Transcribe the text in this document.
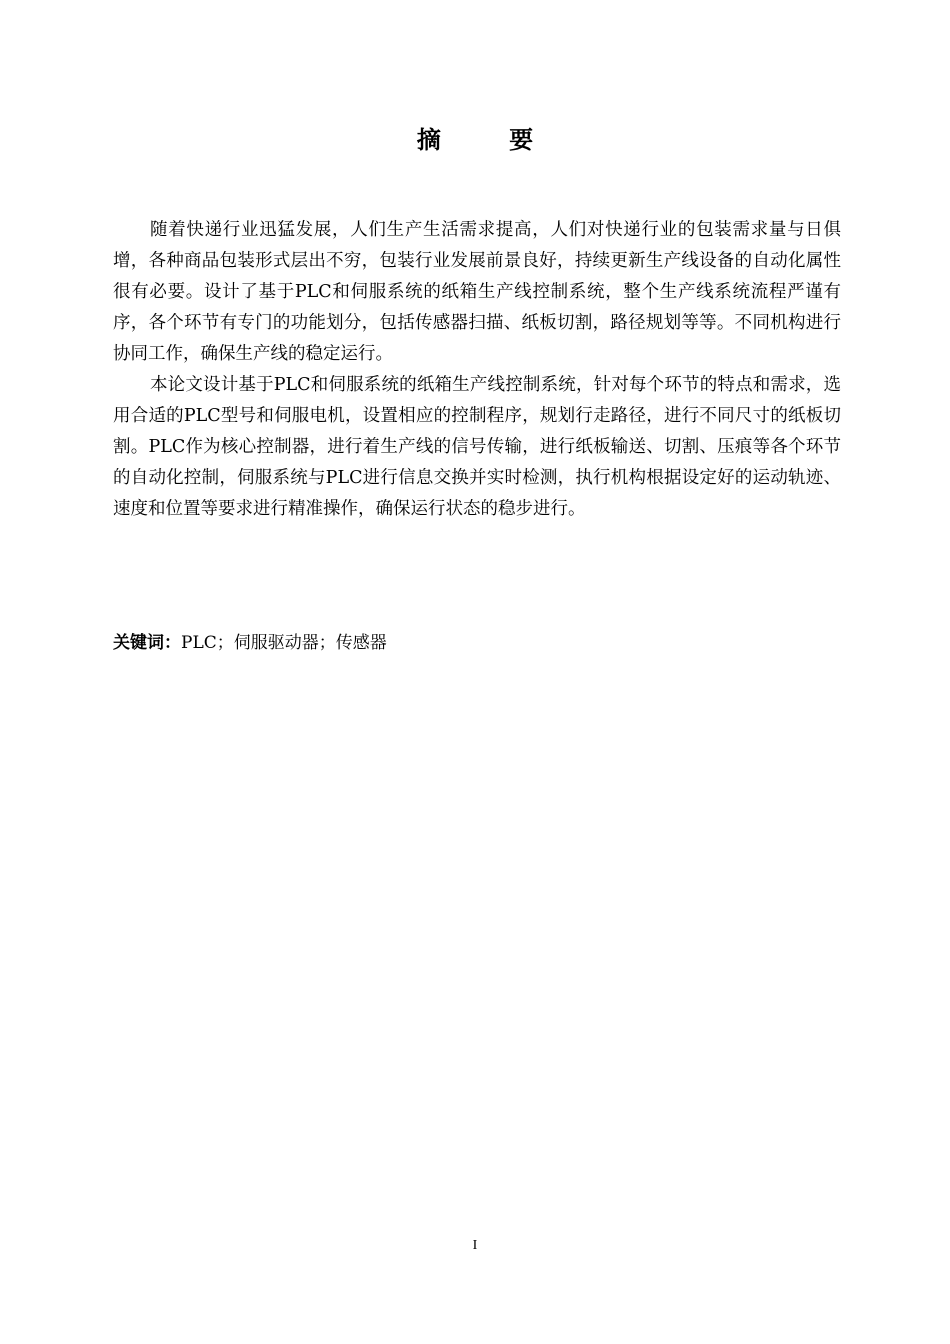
摘 要

随着快递行业迅猛发展，人们生产生活需求提高，人们对快递行业的包装需求量与日俱增，各种商品包装形式层出不穷，包装行业发展前景良好，持续更新生产线设备的自动化属性很有必要。设计了基于PLC和伺服系统的纸箱生产线控制系统，整个生产线系统流程严谨有序，各个环节有专门的功能划分，包括传感器扫描、纸板切割，路径规划等等。不同机构进行协同工作，确保生产线的稳定运行。

本论文设计基于PLC和伺服系统的纸箱生产线控制系统，针对每个环节的特点和需求，选用合适的PLC型号和伺服电机，设置相应的控制程序，规划行走路径，进行不同尺寸的纸板切割。PLC作为核心控制器，进行着生产线的信号传输，进行纸板输送、切割、压痕等各个环节的自动化控制，伺服系统与PLC进行信息交换并实时检测，执行机构根据设定好的运动轨迹、速度和位置等要求进行精准操作，确保运行状态的稳步进行。

关键词：PLC；伺服驱动器；传感器
I
